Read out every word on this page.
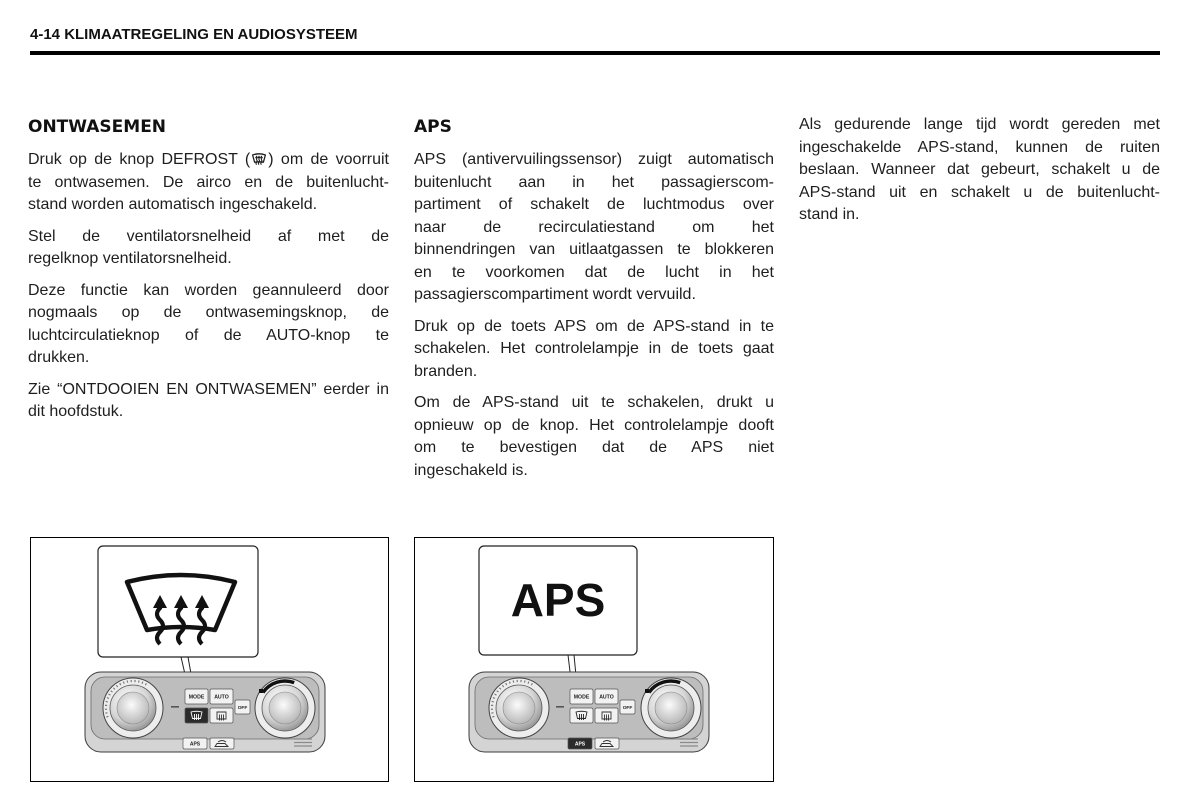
4-14 KLIMAATREGELING EN AUDIOSYSTEEM
ONTWASEMEN
Druk op de knop DEFROST ( ) om de voorruit
te ontwasemen. De airco en de buitenlucht-
stand worden automatisch ingeschakeld.
Stel de ventilatorsnelheid af met de
regelknop ventilatorsnelheid.
Deze functie kan worden geannuleerd door
nogmaals op de ontwasemingsknop, de
luchtcirculatieknop of de AUTO-knop te
drukken.
Zie “ONTDOOIEN EN ONTWASEMEN” eerder in
dit hoofdstuk.
APS
APS (antivervuilingssensor) zuigt automatisch
buitenlucht aan in het passagierscom-
partiment of schakelt de luchtmodus over
naar de recirculatiestand om het
binnendringen van uitlaatgassen te blokkeren
en te voorkomen dat de lucht in het
passagierscompartiment wordt vervuild.
Druk op de toets APS om de APS-stand in te
schakelen. Het controlelampje in de toets gaat
branden.
Om de APS-stand uit te schakelen, drukt u
opnieuw op de knop. Het controlelampje dooft
om te bevestigen dat de APS niet
ingeschakeld is.
Als gedurende lange tijd wordt gereden met
ingeschakelde APS-stand, kunnen de ruiten
beslaan. Wanneer dat gebeurt, schakelt u de
APS-stand uit en schakelt u de buitenlucht-
stand in.
MODE AUTO
OFF
APS
APS
MODE AUTO
OFF
APS
